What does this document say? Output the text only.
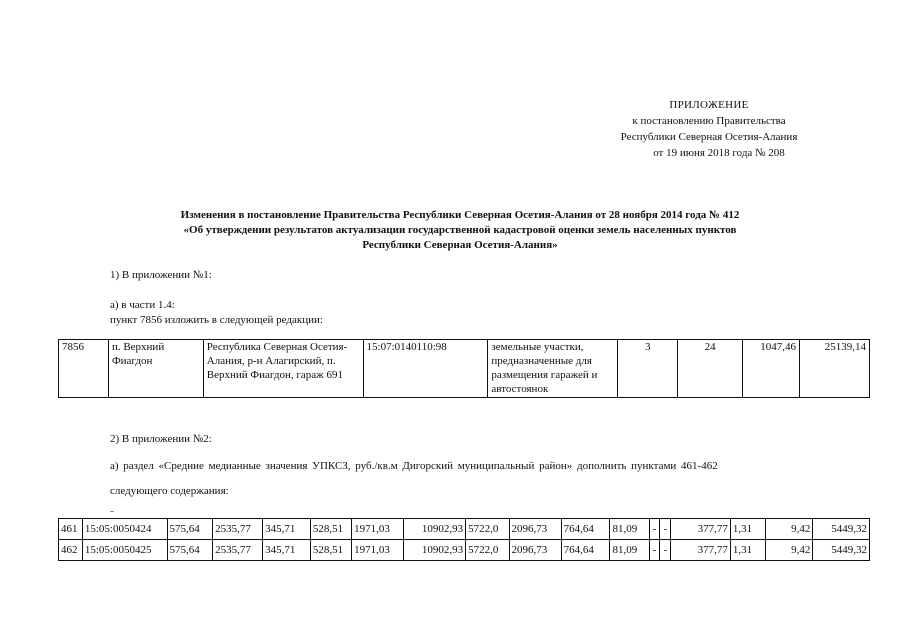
ПРИЛОЖЕНИЕ
к постановлению Правительства
Республики Северная Осетия-Алания
от 19 июня 2018 года № 208
Изменения в постановление Правительства Республики Северная Осетия-Алания от 28 ноября 2014 года № 412
«Об утверждении результатов актуализации государственной кадастровой оценки земель населенных пунктов
Республики Северная Осетия-Алания»
1) В приложении №1:
а) в части 1.4:
пункт 7856 изложить в следующей редакции:
7856	п. Верхний Фиагдон	Республика Северная Осетия-Алания, р-н Алагирский, п. Верхний Фиагдон, гараж 691	15:07:0140110:98	земельные участки, предназначенные для размещения гаражей и автостоянок	3	24	1047,46	25139,14
2) В приложении №2:
а) раздел «Средние медианные значения УПКСЗ, руб./кв.м Дигорский муниципальный район» дополнить пунктами 461-462
следующего содержания:
461	15:05:0050424	575,64	2535,77	345,71	528,51	1971,03	10902,93	5722,0	2096,73	764,64	81,09	-	-	377,77	1,31	9,42	5449,32
462	15:05:0050425	575,64	2535,77	345,71	528,51	1971,03	10902,93	5722,0	2096,73	764,64	81,09	-	-	377,77	1,31	9,42	5449,32
